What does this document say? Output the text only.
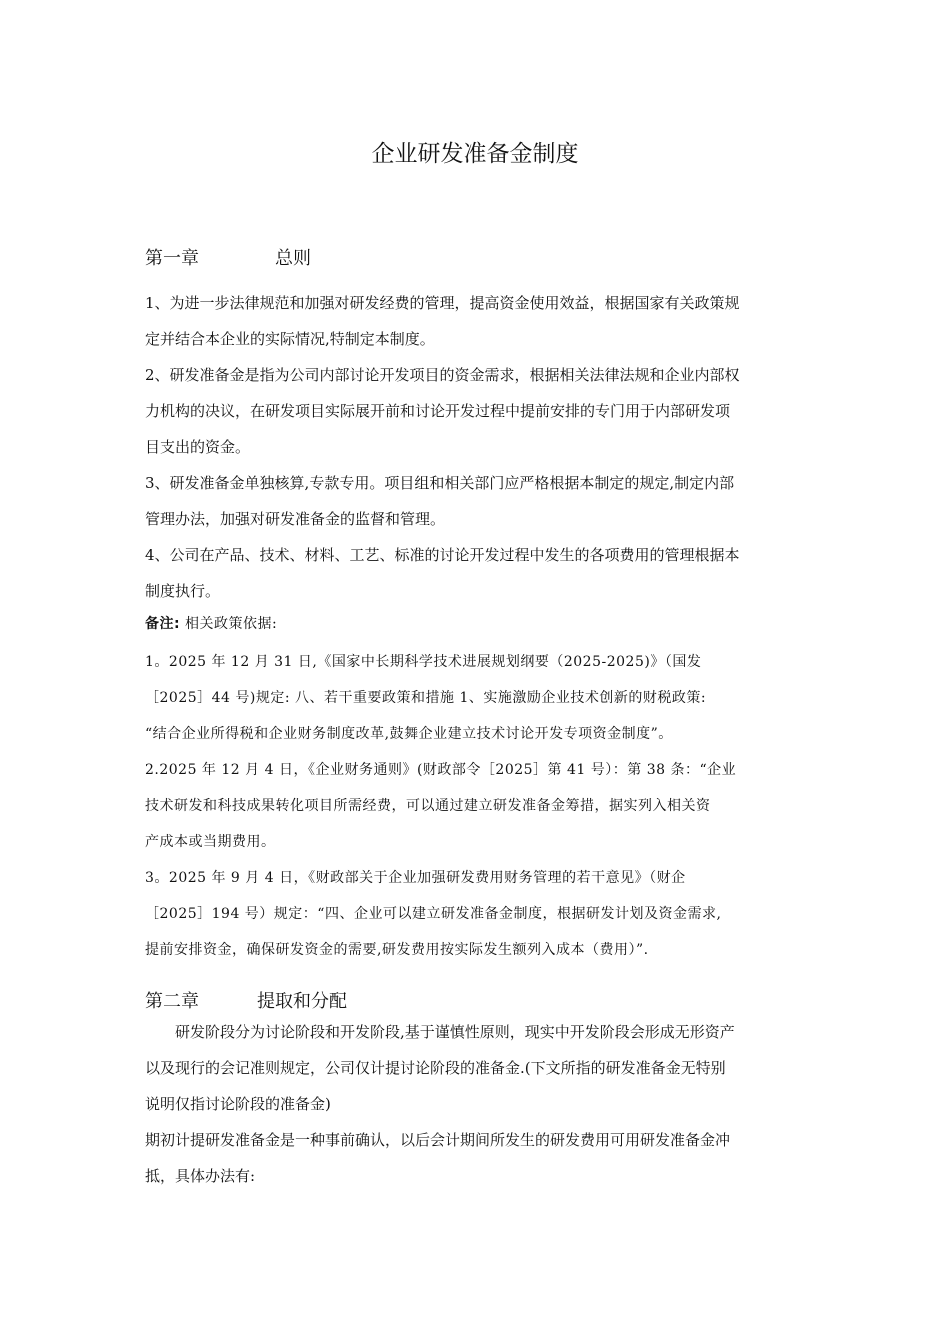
企业研发准备金制度
第一章	总则
1、为进一步法律规范和加强对研发经费的管理，提高资金使用效益，根据国家有关政策规
定并结合本企业的实际情况,特制定本制度。
2、研发准备金是指为公司内部讨论开发项目的资金需求，根据相关法律法规和企业内部权
力机构的决议，在研发项目实际展开前和讨论开发过程中提前安排的专门用于内部研发项
目支出的资金。
3、研发准备金单独核算,专款专用。项目组和相关部门应严格根据本制定的规定,制定内部
管理办法，加强对研发准备金的监督和管理。
4、公司在产品、技术、材料、工艺、标准的讨论开发过程中发生的各项费用的管理根据本
制度执行。
备注: 相关政策依据:
1。2025 年 12 月 31 日,《国家中长期科学技术进展规划纲要（2025-2025)》（国发
［2025］44 号)规定: 八、若干重要政策和措施 1、实施激励企业技术创新的财税政策:
“结合企业所得税和企业财务制度改革,鼓舞企业建立技术讨论开发专项资金制度”。
2.2025 年 12 月 4 日，《企业财务通则》(财政部令［2025］第 41 号）：第 38 条：“企业
技术研发和科技成果转化项目所需经费，可以通过建立研发准备金筹措，据实列入相关资
产成本或当期费用。
3。2025 年 9 月 4 日，《财政部关于企业加强研发费用财务管理的若干意见》（财企
［2025］194 号）规定：“四、企业可以建立研发准备金制度，根据研发计划及资金需求,
提前安排资金，确保研发资金的需要,研发费用按实际发生额列入成本（费用）”.
第二章	提取和分配
　　研发阶段分为讨论阶段和开发阶段,基于谨慎性原则，现实中开发阶段会形成无形资产
以及现行的会记准则规定，公司仅计提讨论阶段的准备金.(下文所指的研发准备金无特别
说明仅指讨论阶段的准备金)
期初计提研发准备金是一种事前确认，以后会计期间所发生的研发费用可用研发准备金冲
抵，具体办法有:
